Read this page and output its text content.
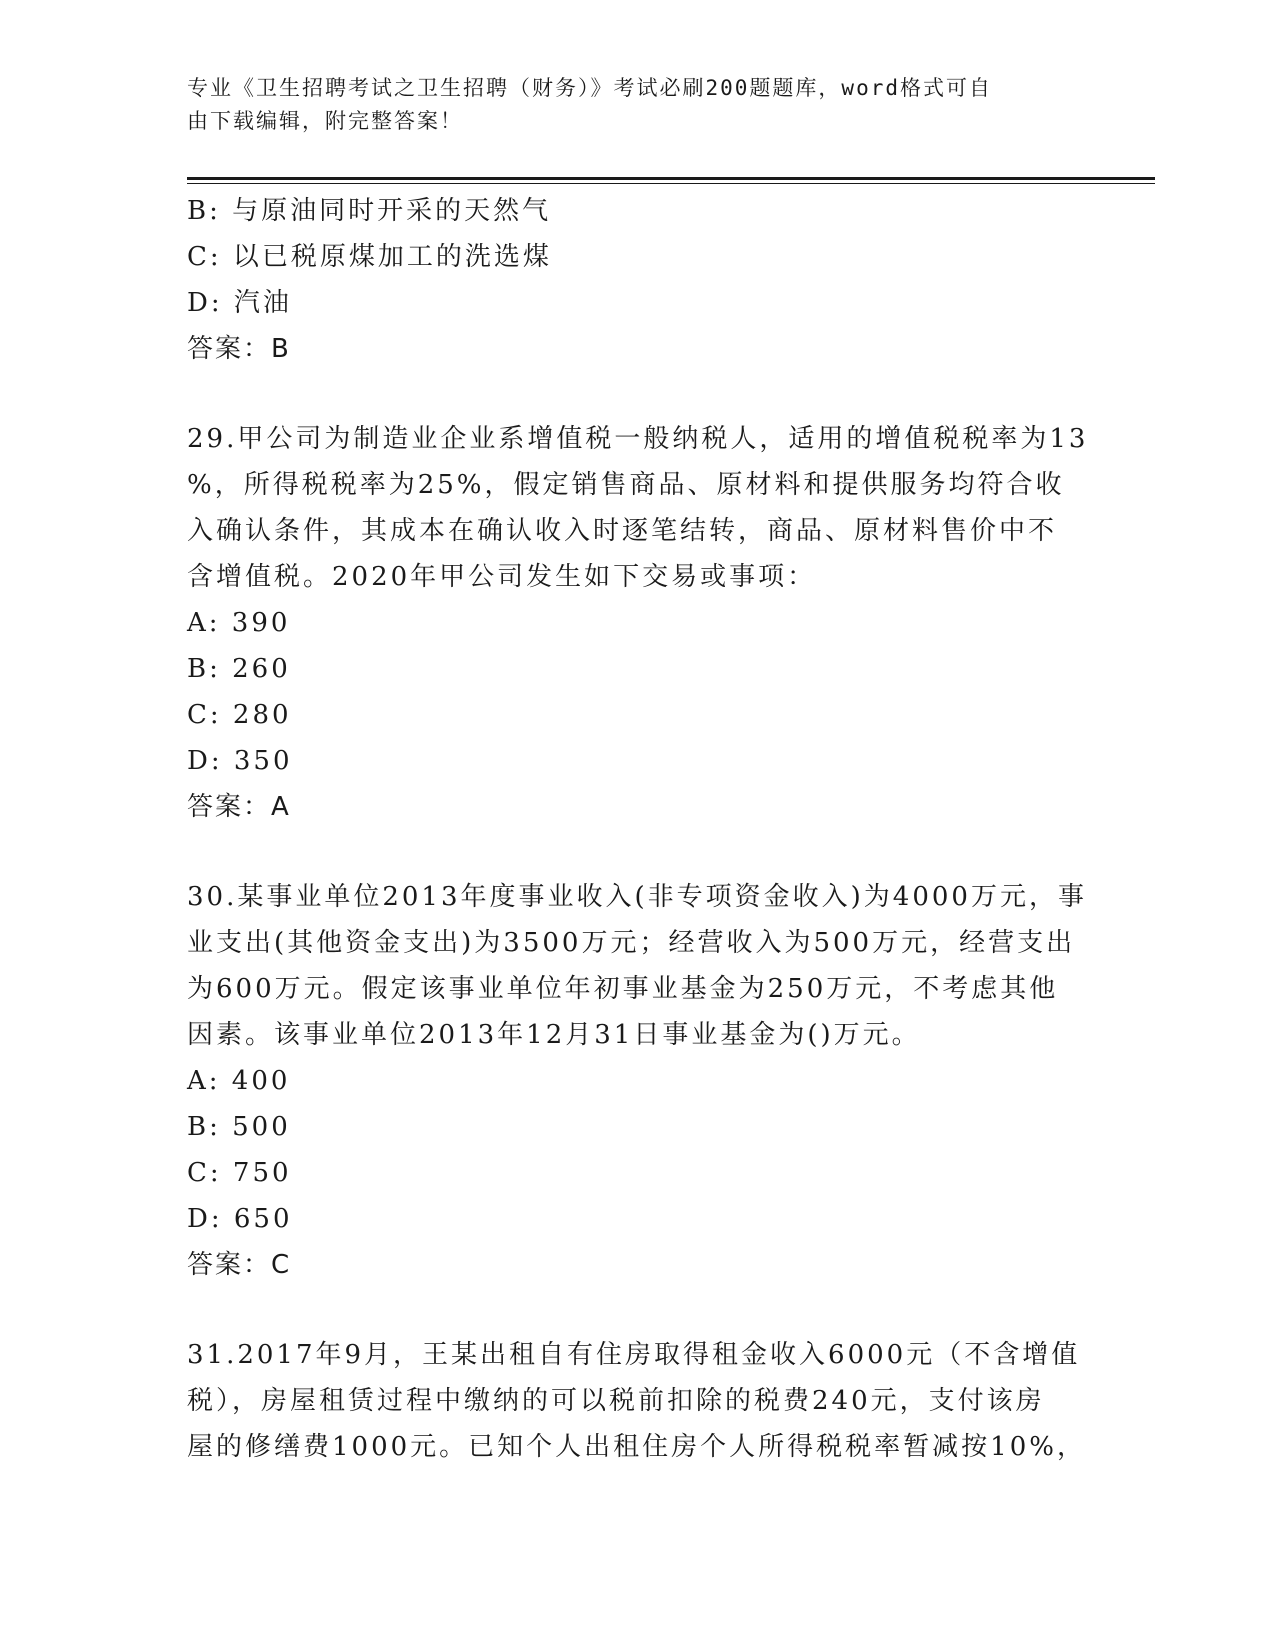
专业《卫生招聘考试之卫生招聘（财务）》考试必刷200题题库，word格式可自
由下载编辑，附完整答案！
B: 与原油同时开采的天然气
C: 以已税原煤加工的洗选煤
D: 汽油
答案：B
29.甲公司为制造业企业系增值税一般纳税人，适用的增值税税率为13
%，所得税税率为25%，假定销售商品、原材料和提供服务均符合收
入确认条件，其成本在确认收入时逐笔结转，商品、原材料售价中不
含增值税。2020年甲公司发生如下交易或事项：
A: 390
B: 260
C: 280
D: 350
答案：A
30.某事业单位2013年度事业收入(非专项资金收入)为4000万元，事
业支出(其他资金支出)为3500万元；经营收入为500万元，经营支出
为600万元。假定该事业单位年初事业基金为250万元，不考虑其他
因素。该事业单位2013年12月31日事业基金为()万元。
A: 400
B: 500
C: 750
D: 650
答案：C
31.2017年9月，王某出租自有住房取得租金收入6000元（不含增值
税），房屋租赁过程中缴纳的可以税前扣除的税费240元，支付该房
屋的修缮费1000元。已知个人出租住房个人所得税税率暂减按10%，
